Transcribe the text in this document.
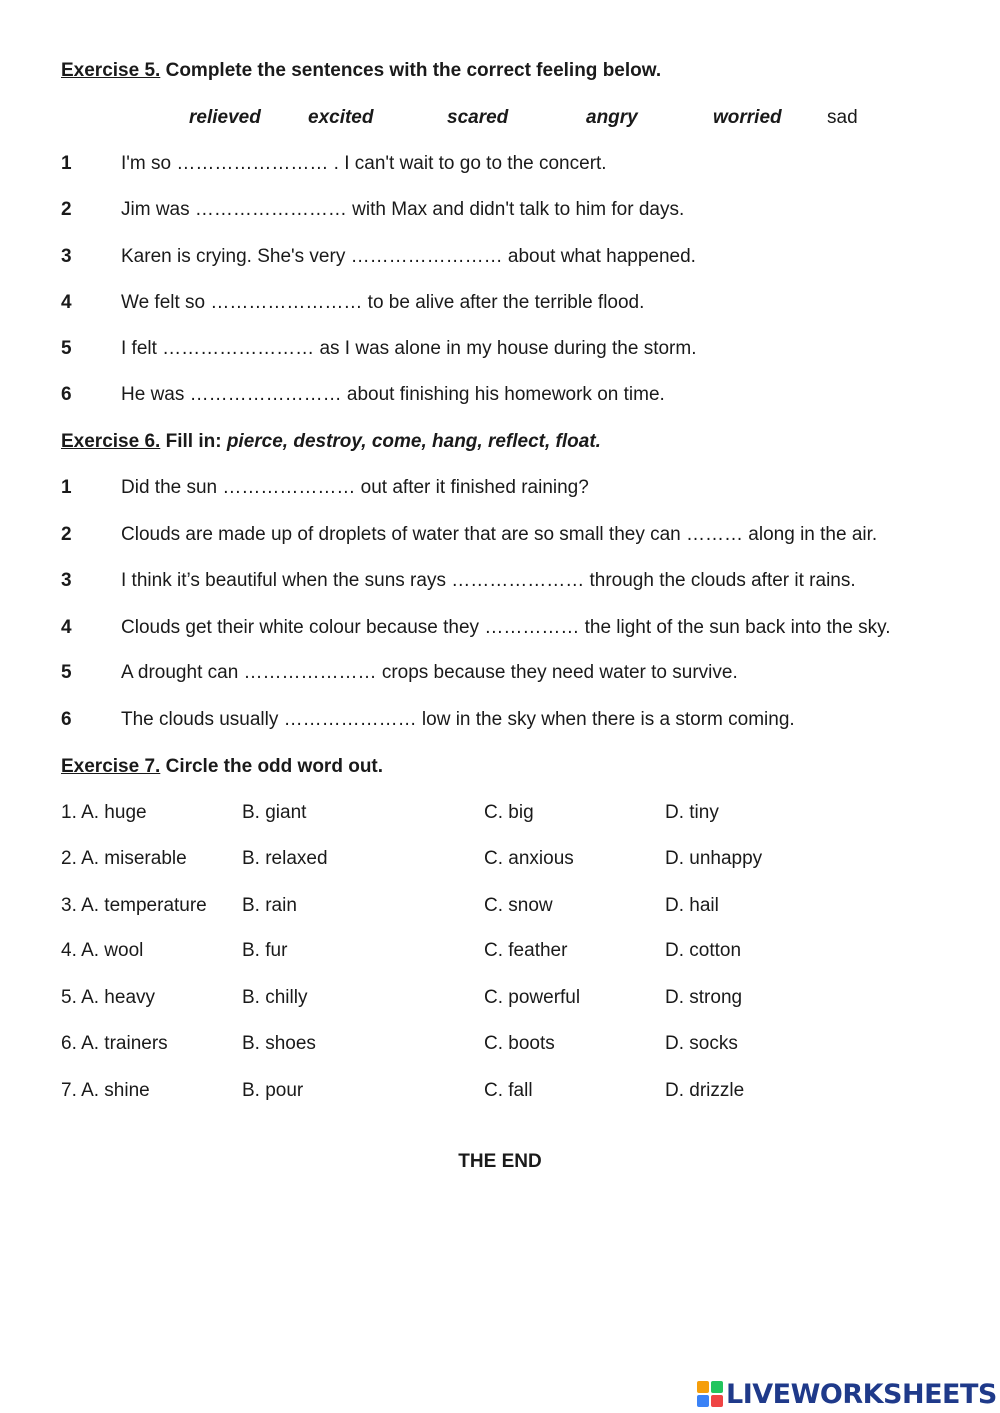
Exercise 5. Complete the sentences with the correct feeling below.
relieved excited	scared	angry	worried sad
1	I'm so …………………… . I can't wait to go to the concert.
2	Jim was …………………… with Max and didn't talk to him for days.
3	Karen is crying. She's very …………………… about what happened.
4	We felt so …………………… to be alive after the terrible flood.
5	I felt …………………… as I was alone in my house during the storm.
6	He was …………………… about finishing his homework on time.
Exercise 6. Fill in: pierce, destroy, come, hang, reflect, float.
1	Did the sun ………………… out after it finished raining?
2	Clouds are made up of droplets of water that are so small they can ……… along in the air.
3	I think it’s beautiful when the suns rays ………………… through the clouds after it rains.
4	Clouds get their white colour because they …………… the light of the sun back into the sky.
5	A drought can ………………… crops because they need water to survive.
6	The clouds usually ………………… low in the sky when there is a storm coming.
Exercise 7. Circle the odd word out.
1. A. huge	B. giant	C. big	D. tiny
2. A. miserable	B. relaxed	C. anxious	D. unhappy
3. A. temperature B. rain	C. snow	D. hail
4. A. wool	B. fur	C. feather	D. cotton
5. A. heavy	B. chilly	C. powerful	D. strong
6. A. trainers	B. shoes	C. boots	D. socks
7. A. shine	B. pour	C. fall	D. drizzle
THE END
LIVEWORKSHEETS
